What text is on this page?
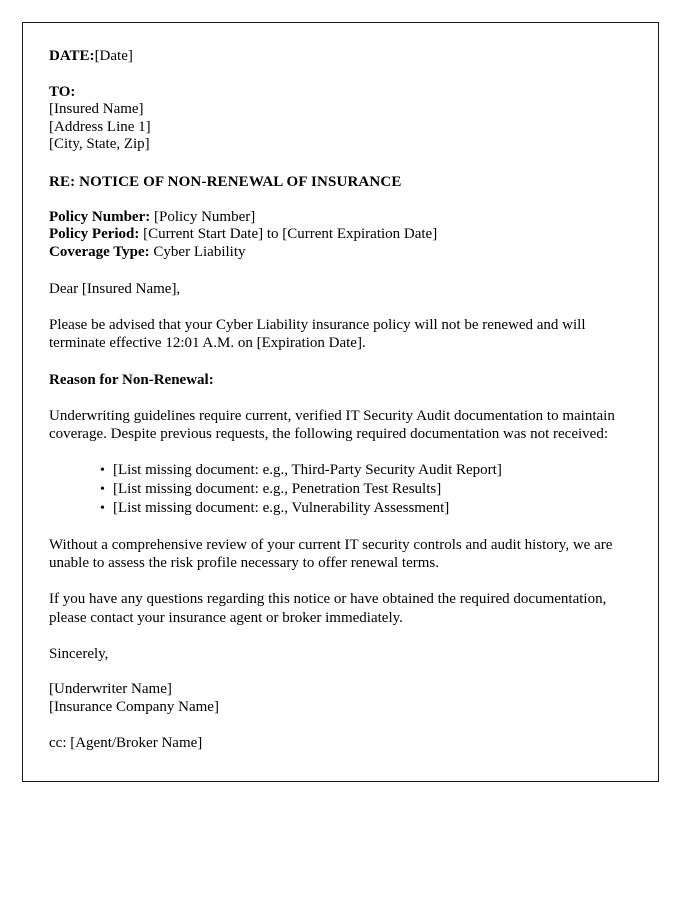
DATE:[Date]
TO:
[Insured Name]
[Address Line 1]
[City, State, Zip]
RE: NOTICE OF NON-RENEWAL OF INSURANCE
Policy Number: [Policy Number]
Policy Period: [Current Start Date] to [Current Expiration Date]
Coverage Type: Cyber Liability
Dear [Insured Name],
Please be advised that your Cyber Liability insurance policy will not be renewed and will terminate effective 12:01 A.M. on [Expiration Date].
Reason for Non-Renewal:
Underwriting guidelines require current, verified IT Security Audit documentation to maintain coverage. Despite previous requests, the following required documentation was not received:
• [List missing document: e.g., Third-Party Security Audit Report]
• [List missing document: e.g., Penetration Test Results]
• [List missing document: e.g., Vulnerability Assessment]
Without a comprehensive review of your current IT security controls and audit history, we are unable to assess the risk profile necessary to offer renewal terms.
If you have any questions regarding this notice or have obtained the required documentation, please contact your insurance agent or broker immediately.
Sincerely,
[Underwriter Name]
[Insurance Company Name]
cc: [Agent/Broker Name]
